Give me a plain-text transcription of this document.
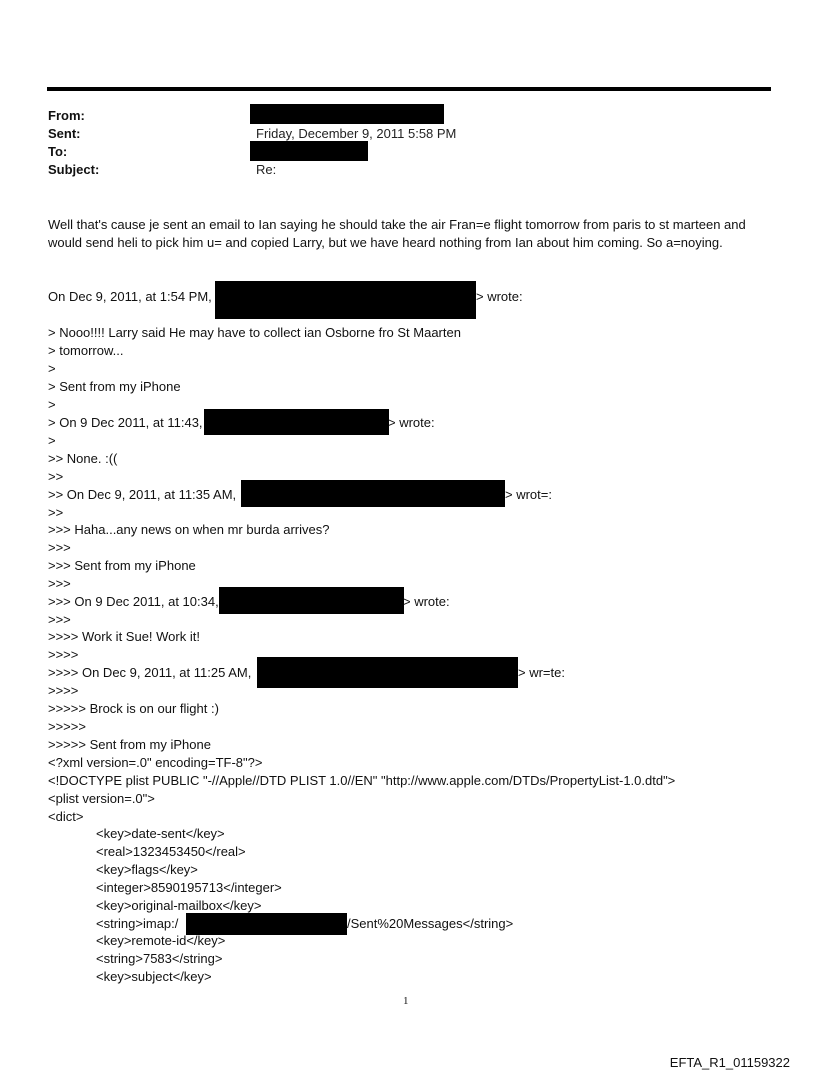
From:
Sent:	Friday, December 9, 2011 5:58 PM
To:
Subject:	Re:
Well that's cause je sent an email to Ian saying he should take the air Fran=e flight tomorrow from paris to st marteen and would send heli to pick him u= and copied Larry, but we have heard nothing from Ian about him coming. So a=noying.
On Dec 9, 2011, at 1:54 PM,	> wrote:
> Nooo!!!! Larry said He may have to collect ian Osborne fro St Maarten
> tomorrow...
>
> Sent from my iPhone
>
> On 9 Dec 2011, at 11:43,	> wrote:
>
>> None. :((
>>
>> On Dec 9, 2011, at 11:35 AM,	> wrot=:
>>
>>> Haha...any news on when mr burda arrives?
>>>
>>> Sent from my iPhone
>>>
>>> On 9 Dec 2011, at 10:34,	> wrote:
>>>
>>>> Work it Sue! Work it!
>>>>
>>>> On Dec 9, 2011, at 11:25 AM,	> wr=te:
>>>>
>>>>> Brock is on our flight :)
>>>>>
>>>>> Sent from my iPhone
<?xml version=.0" encoding=TF-8"?>
<!DOCTYPE plist PUBLIC "-//Apple//DTD PLIST 1.0//EN" "http://www.apple.com/DTDs/PropertyList-1.0.dtd">
<plist version=.0">
<dict>
<key>date-sent</key>
<real>1323453450</real>
<key>flags</key>
<integer>8590195713</integer>
<key>original-mailbox</key>
<string>imap:/	/Sent%20Messages</string>
<key>remote-id</key>
<string>7583</string>
<key>subject</key>
1
EFTA_R1_01159322
